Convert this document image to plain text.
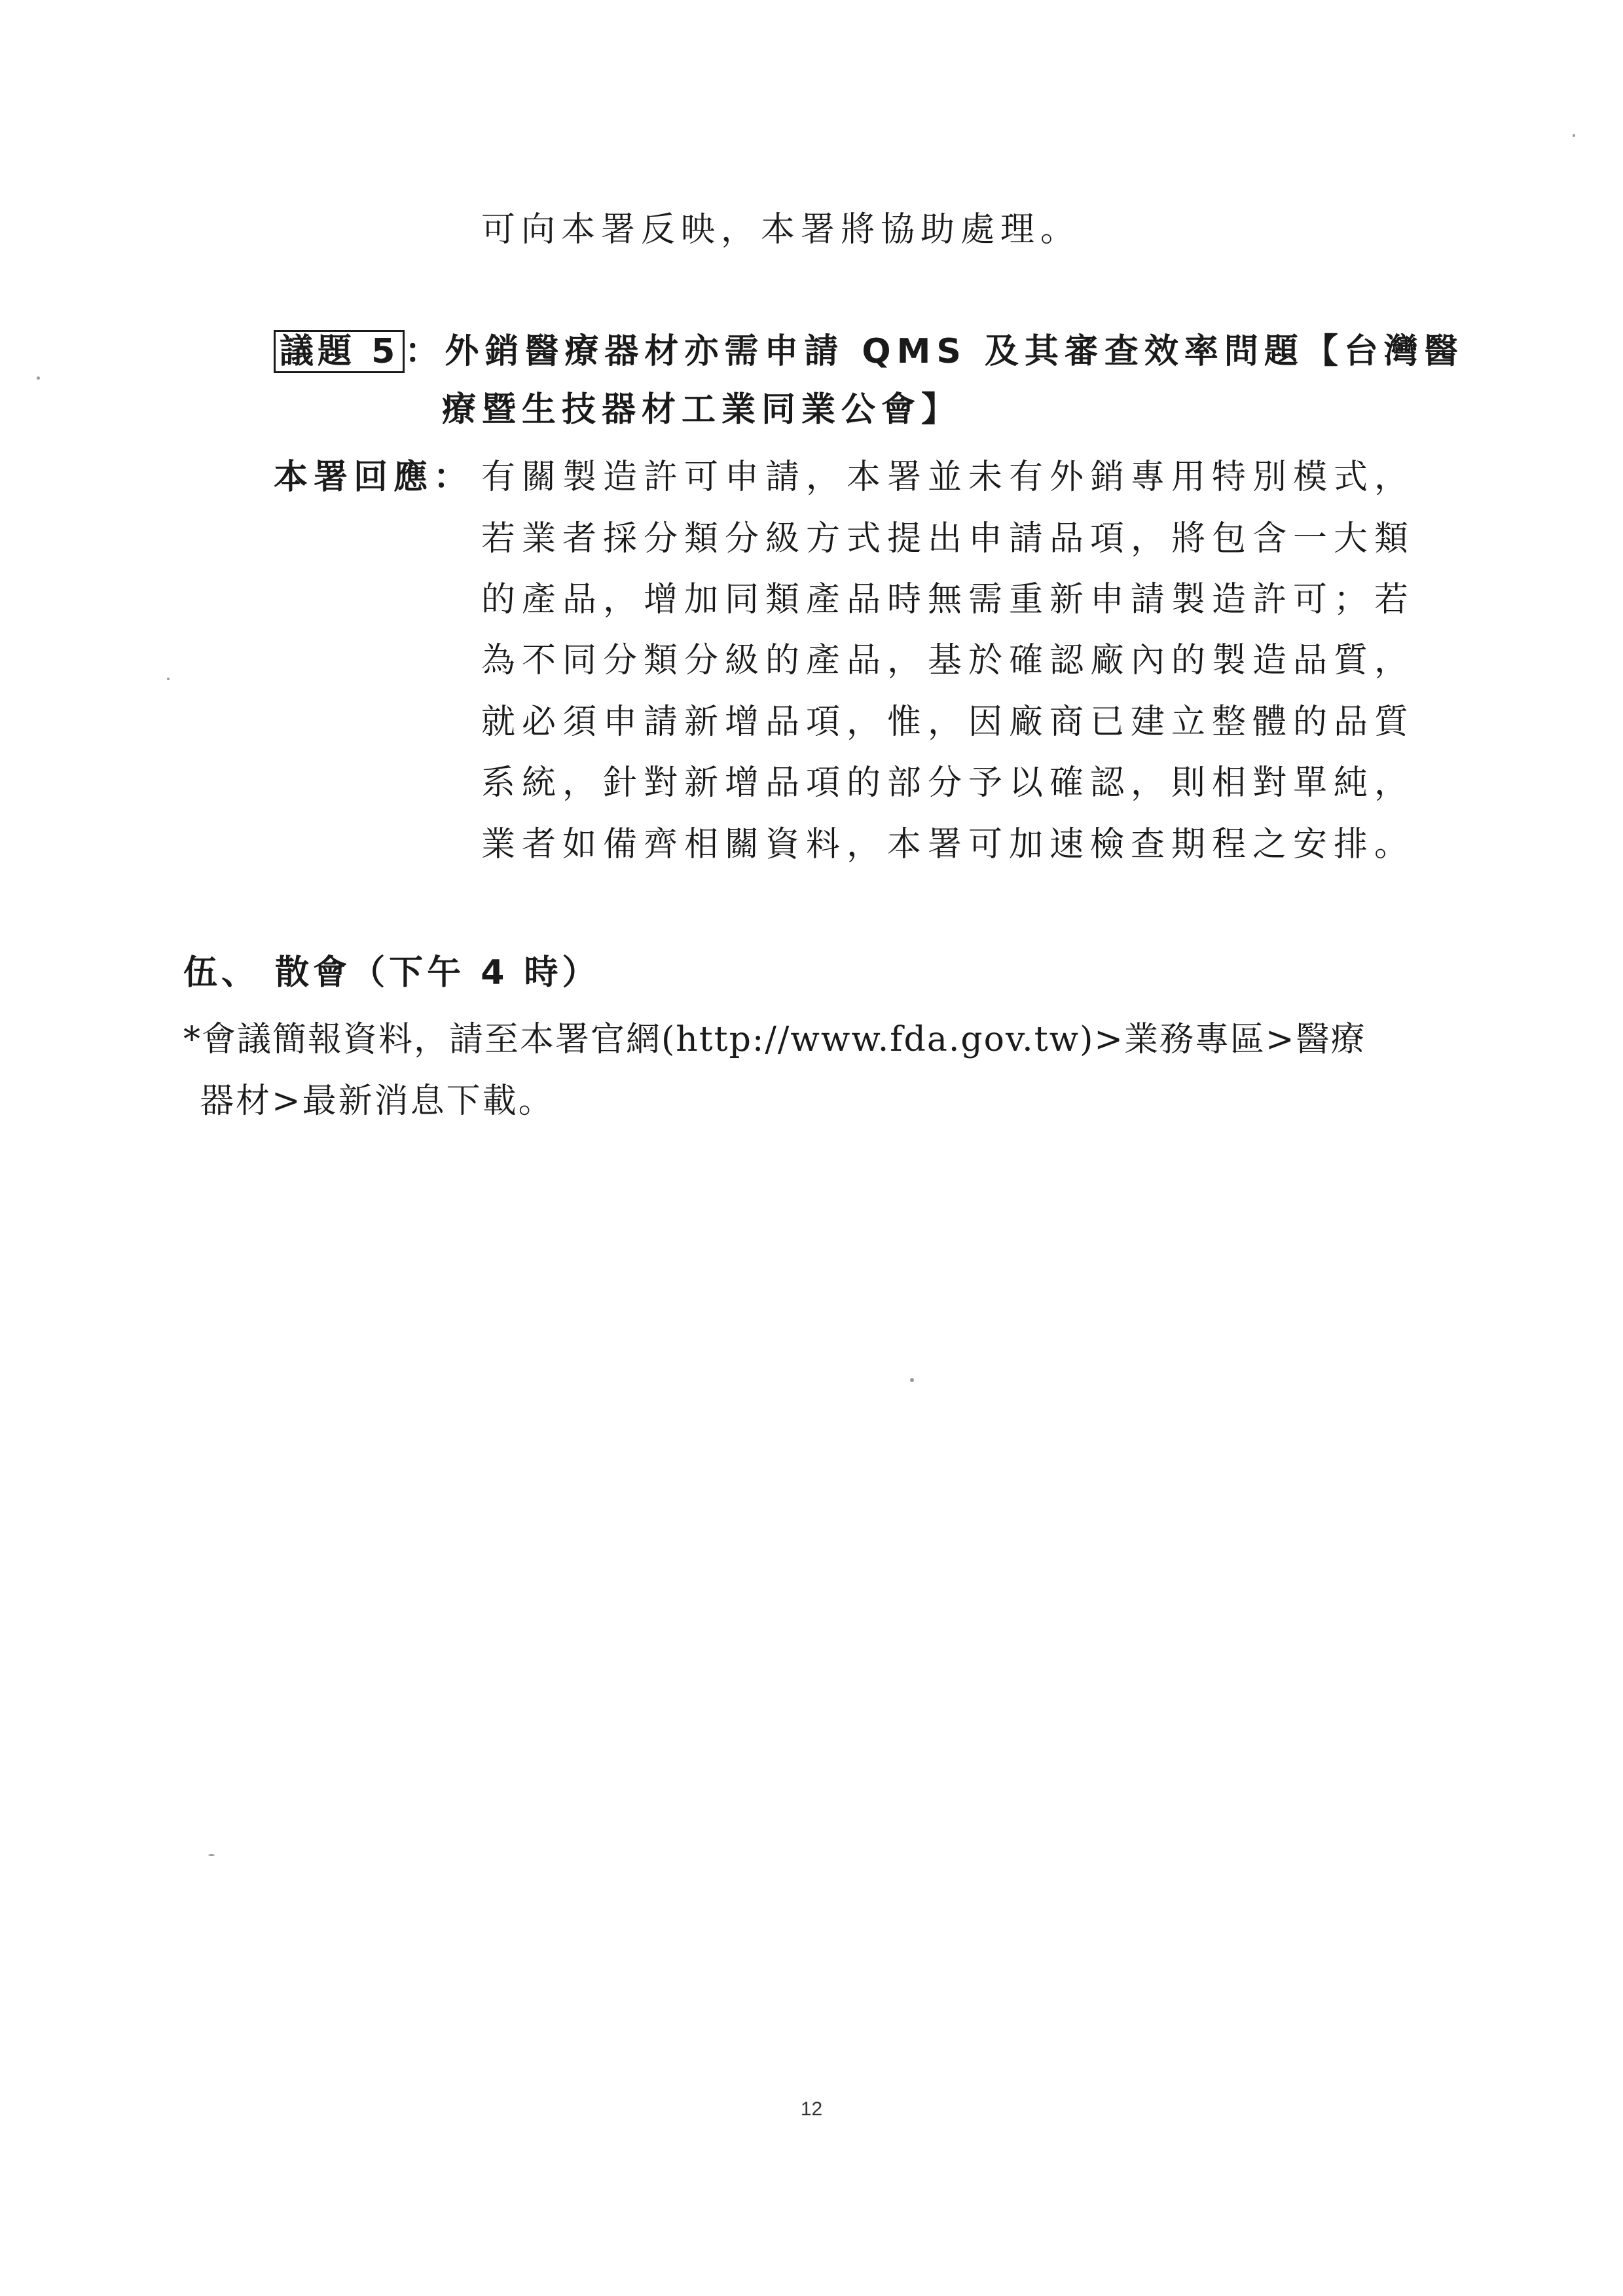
可向本署反映，本署將協助處理。
議題 5 ：外銷醫療器材亦需申請 QMS 及其審查效率問題【台灣醫
療暨生技器材工業同業公會】
本署回應： 有關製造許可申請，本署並未有外銷專用特別模式，
若業者採分類分級方式提出申請品項，將包含一大類
的產品，增加同類產品時無需重新申請製造許可；若
為不同分類分級的產品，基於確認廠內的製造品質，
就必須申請新增品項，惟，因廠商已建立整體的品質
系統，針對新增品項的部分予以確認，則相對單純，
業者如備齊相關資料，本署可加速檢查期程之安排。
伍、 散會（下午 4 時）
*會議簡報資料，請至本署官網(http://www.fda.gov.tw)>業務專區>醫療
器材>最新消息下載。
12
